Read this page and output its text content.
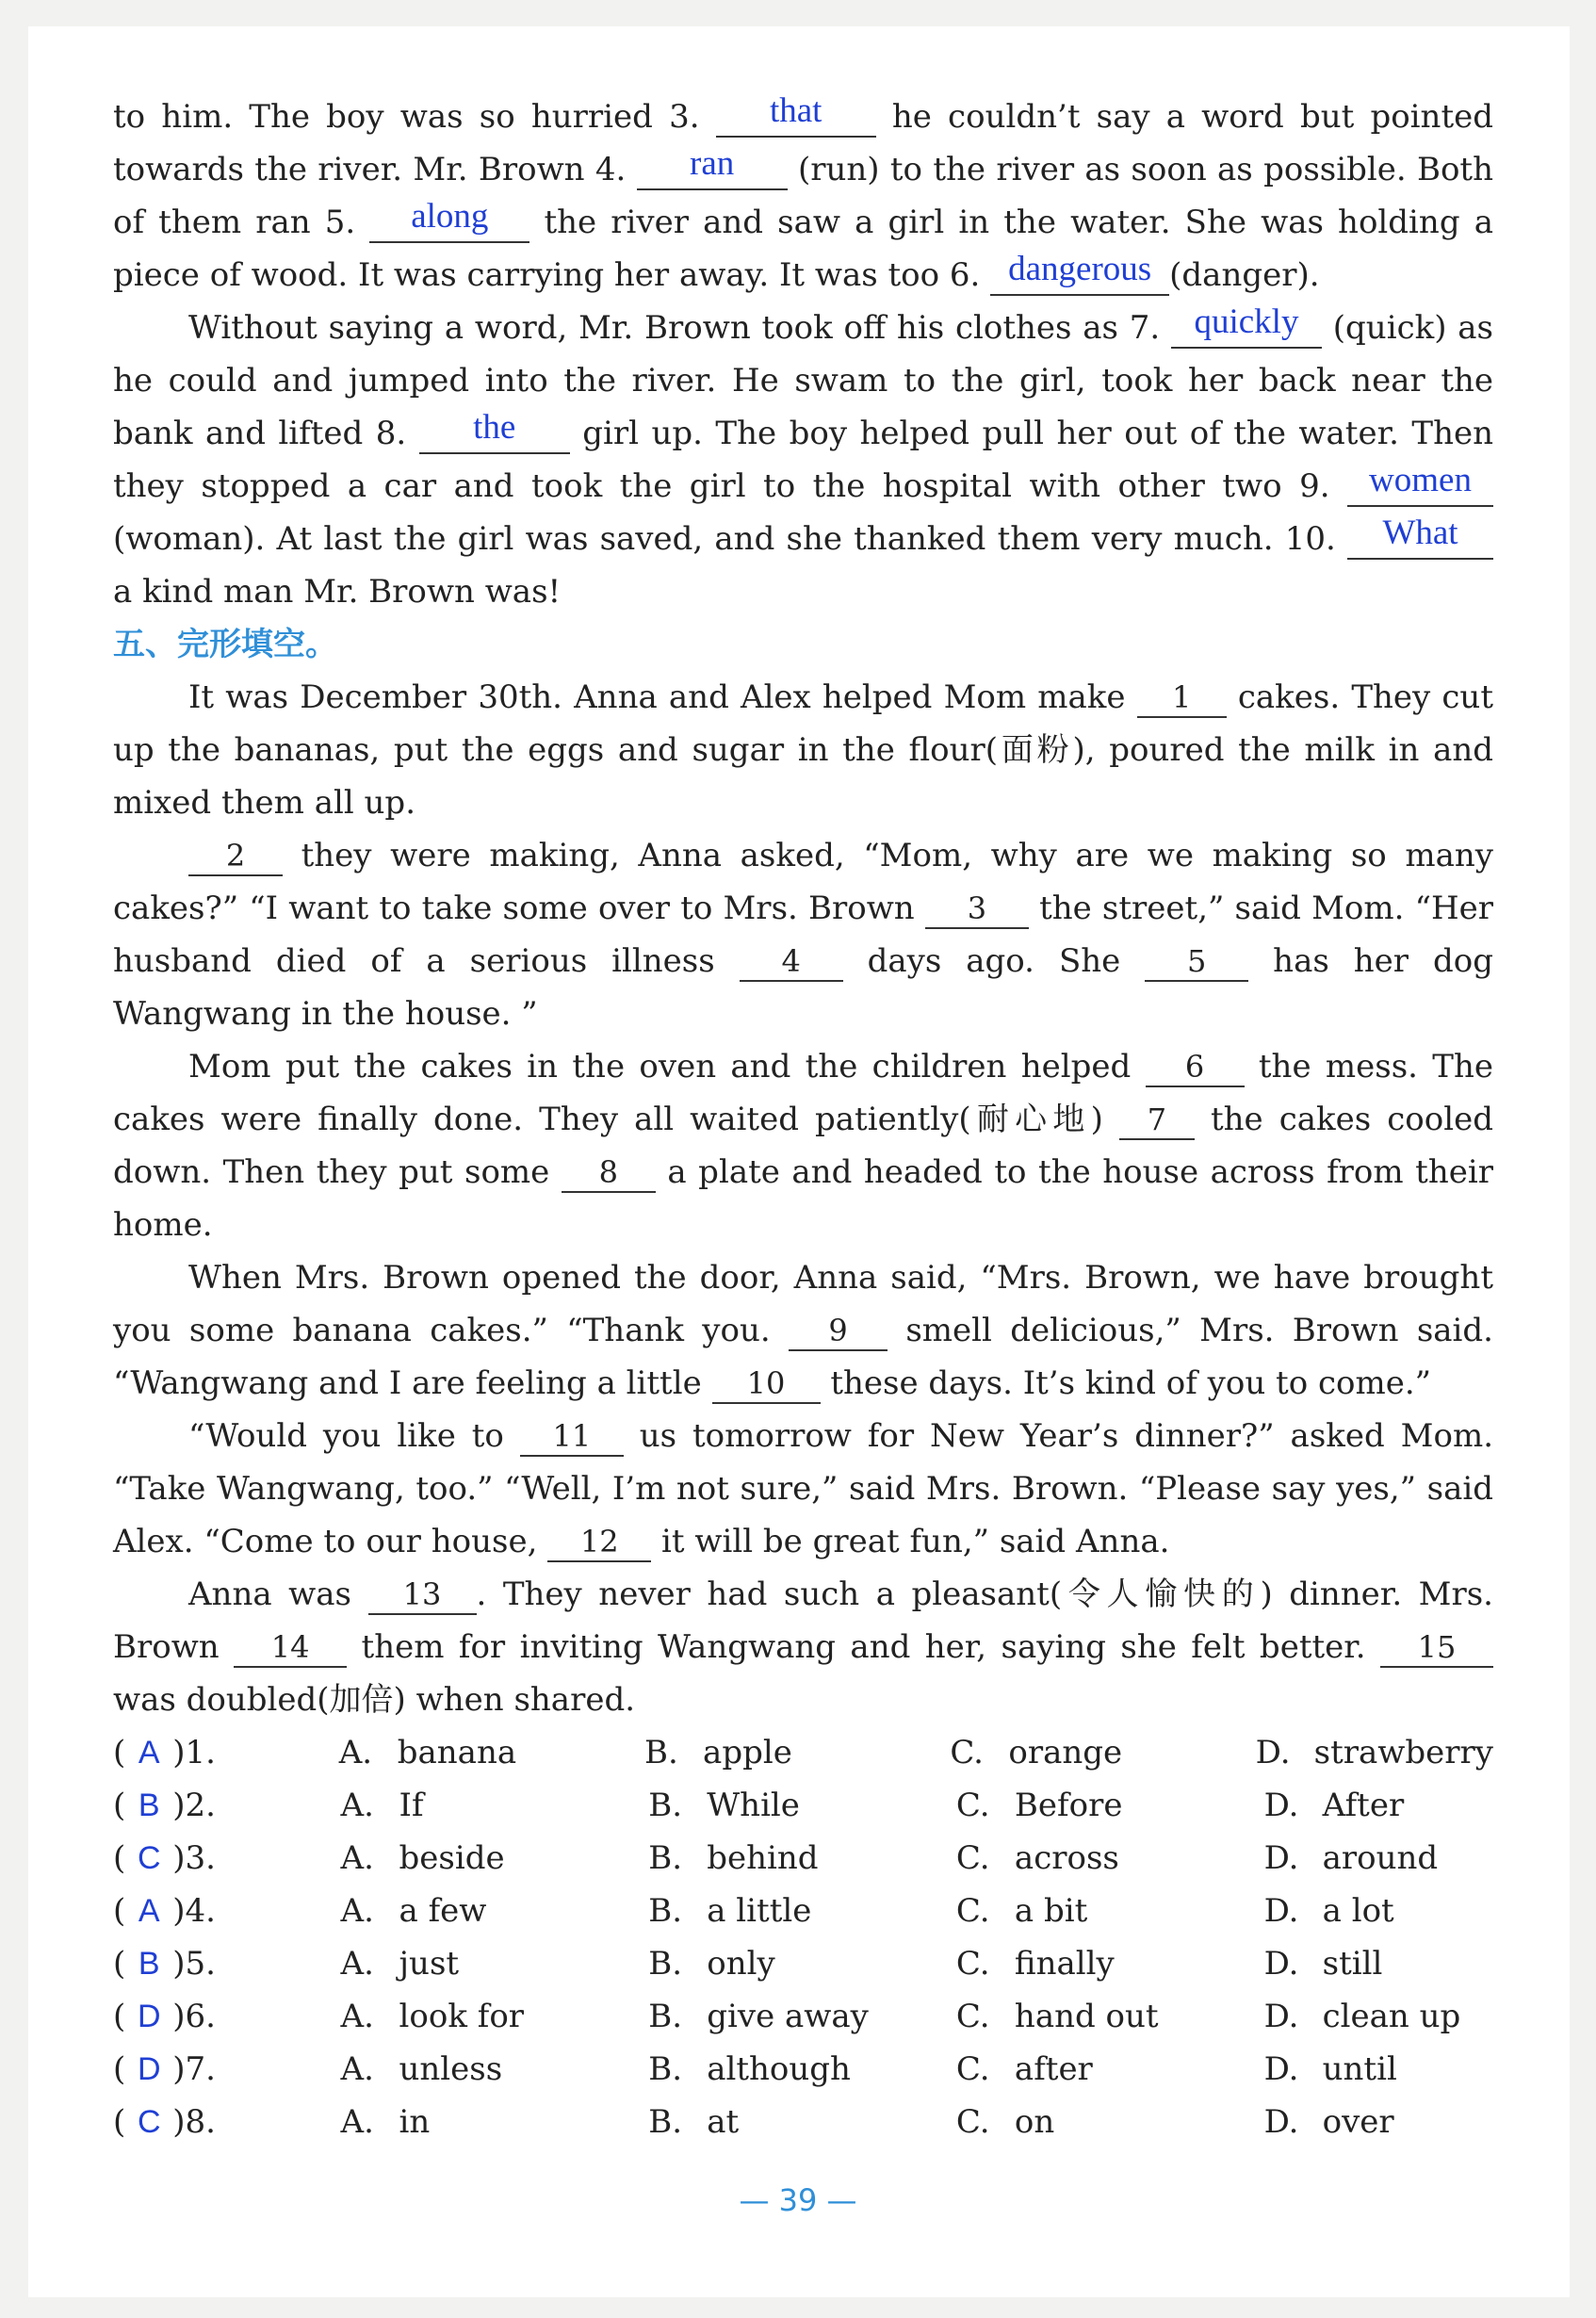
to him. The boy was so hurried 3.	that	he couldn’t say a word but pointed towards the river. Mr. Brown 4.	ran	(run) to the river as soon as possible. Both of them ran 5.	along	the river and saw a girl in the water. She was holding a piece of wood. It was carrying her away. It was too 6. dangerous (danger).

Without saying a word, Mr. Brown took off his clothes as 7. quickly (quick) as he could and jumped into the river. He swam to the girl, took her back near the bank and lifted 8.	the	girl up. The boy helped pull her out of the water. Then they stopped a car and took the girl to the hospital with other two 9. women
(woman). At last the girl was saved, and she thanked them very much. 10.	What
a kind man Mr. Brown was!

五、完形填空。

It was December 30th. Anna and Alex helped Mom make 1 cakes. They cut up the bananas, put the eggs and sugar in the flour(面粉), poured the milk in and mixed them all up.

2 they were making, Anna asked, “Mom, why are we making so many cakes?” “I want to take some over to Mrs. Brown 3 the street,” said Mom. “Her husband died of a serious illness 4 days ago. She 5 has her dog Wangwang in the house. ”

Mom put the cakes in the oven and the children helped 6 the mess. The cakes were finally done. They all waited patiently(耐心地) 7 the cakes cooled down. Then they put some 8 a plate and headed to the house across from their home.

When Mrs. Brown opened the door, Anna said, “Mrs. Brown, we have brought you some banana cakes.” “Thank you. 9 smell delicious,” Mrs. Brown said. “Wangwang and I are feeling a little 10 these days. It’s kind of you to come.”

“Would you like to 11 us tomorrow for New Year’s dinner?” asked Mom. “Take Wangwang, too.” “Well, I’m not sure,” said Mrs. Brown. “Please say yes,” said Alex. “Come to our house, 12 it will be great fun,” said Anna.

Anna was 13 . They never had such a pleasant(令人愉快的) dinner. Mrs. Brown 14 them for inviting Wangwang and her, saying she felt better. 15 was doubled(加倍) when shared.

( A )1.	A. banana	B. apple	C. orange	D. strawberry
( B )2.	A. If	B. While	C. Before	D. After
( C )3.	A. beside	B. behind	C. across	D. around
( A )4.	A. a few	B. a little	C. a bit	D. a lot
( B )5.	A. just	B. only	C. finally	D. still
( D )6.	A. look for	B. give away	C. hand out	D. clean up
( D )7.	A. unless	B. although	C. after	D. until
( C )8.	A. in	B. at	C. on	D. over
— 39 —
